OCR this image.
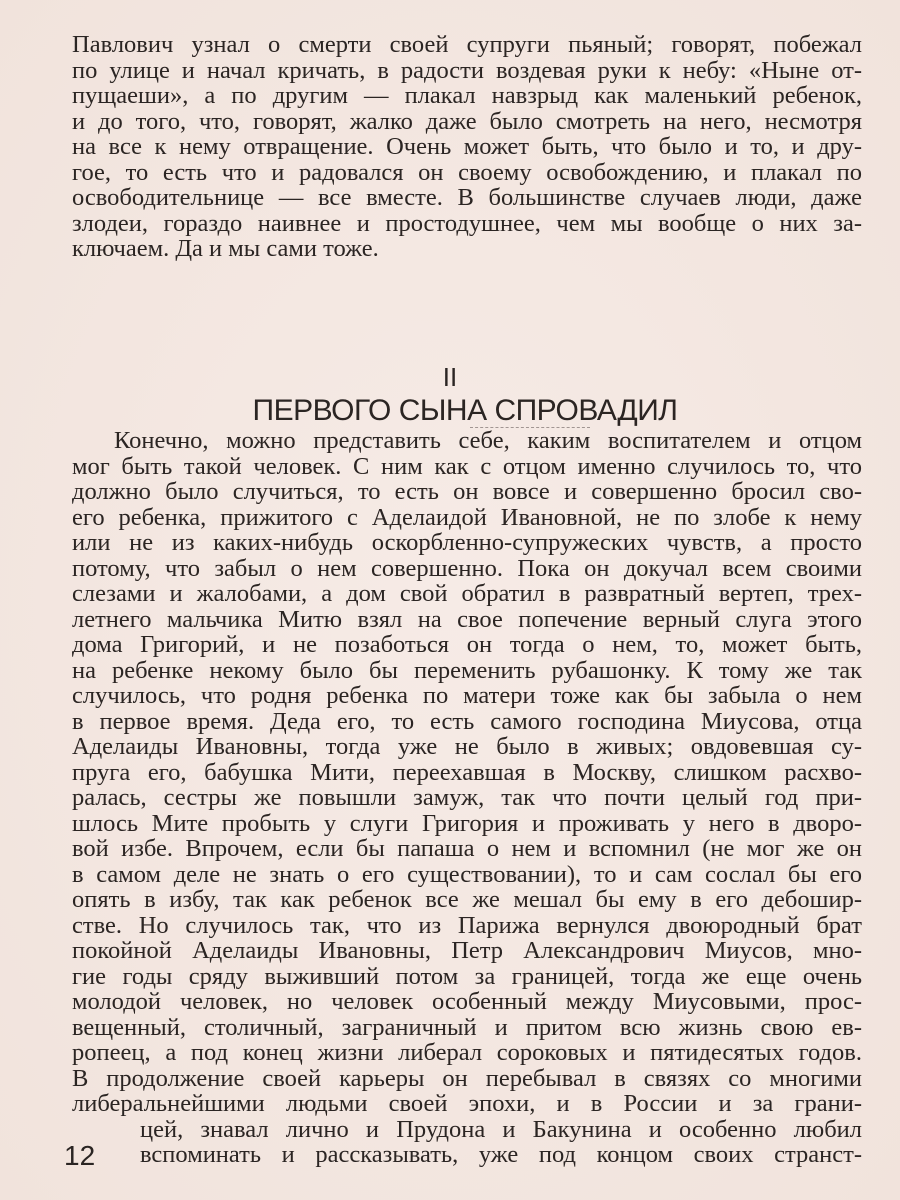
Павлович узнал о смерти своей супруги пьяный; говорят, побежал
по улице и начал кричать, в радости воздевая руки к небу: «Ныне от-
пущаеши», а по другим — плакал навзрыд как маленький ребенок,
и до того, что, говорят, жалко даже было смотреть на него, несмотря
на все к нему отвращение. Очень может быть, что было и то, и дру-
гое, то есть что и радовался он своему освобождению, и плакал по
освободительнице — все вместе. В большинстве случаев люди, даже
злодеи, гораздо наивнее и простодушнее, чем мы вообще о них за-
ключаем. Да и мы сами тоже.
II
ПЕРВОГО СЫНА СПРОВАДИЛ
Конечно, можно представить себе, каким воспитателем и отцом
мог быть такой человек. С ним как с отцом именно случилось то, что
должно было случиться, то есть он вовсе и совершенно бросил сво-
его ребенка, прижитого с Аделаидой Ивановной, не по злобе к нему
или не из каких-нибудь оскорбленно-супружеских чувств, а просто
потому, что забыл о нем совершенно. Пока он докучал всем своими
слезами и жалобами, а дом свой обратил в развратный вертеп, трех-
летнего мальчика Митю взял на свое попечение верный слуга этого
дома Григорий, и не позаботься он тогда о нем, то, может быть,
на ребенке некому было бы переменить рубашонку. К тому же так
случилось, что родня ребенка по матери тоже как бы забыла о нем
в первое время. Деда его, то есть самого господина Миусова, отца
Аделаиды Ивановны, тогда уже не было в живых; овдовевшая су-
пруга его, бабушка Мити, переехавшая в Москву, слишком расхво-
ралась, сестры же повышли замуж, так что почти целый год при-
шлось Мите пробыть у слуги Григория и проживать у него в дворо-
вой избе. Впрочем, если бы папаша о нем и вспомнил (не мог же он
в самом деле не знать о его существовании), то и сам сослал бы его
опять в избу, так как ребенок все же мешал бы ему в его дебошир-
стве. Но случилось так, что из Парижа вернулся двоюродный брат
покойной Аделаиды Ивановны, Петр Александрович Миусов, мно-
гие годы сряду выживший потом за границей, тогда же еще очень
молодой человек, но человек особенный между Миусовыми, прос-
вещенный, столичный, заграничный и притом всю жизнь свою ев-
ропеец, а под конец жизни либерал сороковых и пятидесятых годов.
В продолжение своей карьеры он перебывал в связях со многими
либеральнейшими людьми своей эпохи, и в России и за грани-
цей, знавал лично и Прудона и Бакунина и особенно любил
вспоминать и рассказывать, уже под концом своих странст-
12
